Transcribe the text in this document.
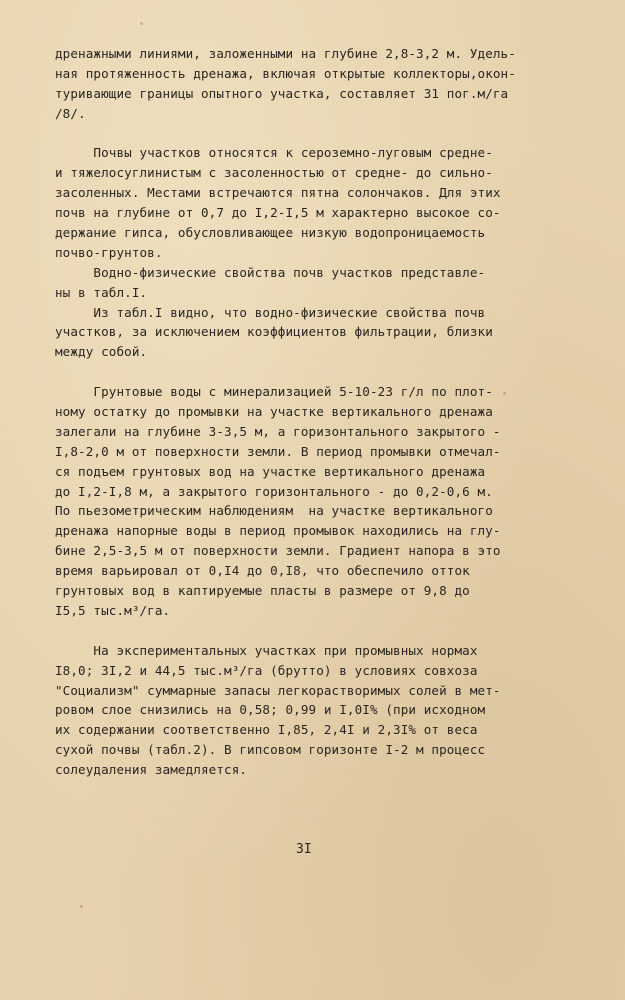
дренажными линиями, заложенными на глубине 2,8-3,2 м. Удель-
ная протяженность дренажа, включая открытые коллекторы,окон-
туривающие границы опытного участка, составляет 31 пог.м/га
/8/.
Почвы участков относятся к сероземно-луговым средне-
и тяжелосуглинистым с засоленностью от средне- до сильно-
засоленных. Местами встречаются пятна солончаков. Для этих
почв на глубине от 0,7 до I,2-I,5 м характерно высокое со-
держание гипса, обусловливающее низкую водопроницаемость
почво-грунтов.
Водно-физические свойства почв участков представле-
ны в табл.I.
Из табл.I видно, что водно-физические свойства почв
участков, за исключением коэффициентов фильтрации, близки
между собой.
Грунтовые воды с минерализацией 5-10-23 г/л по плот-
ному остатку до промывки на участке вертикального дренажа
залегали на глубине 3-3,5 м, а горизонтального закрытого -
I,8-2,0 м от поверхности земли. В период промывки отмечал-
ся подъем грунтовых вод на участке вертикального дренажа
до I,2-I,8 м, а закрытого горизонтального - до 0,2-0,6 м.
По пьезометрическим наблюдениям  на участке вертикального
дренажа напорные воды в период промывок находились на глу-
бине 2,5-3,5 м от поверхности земли. Градиент напора в это
время варьировал от 0,I4 до 0,I8, что обеспечило отток
грунтовых вод в каптируемые пласты в размере от 9,8 до
I5,5 тыс.м³/га.
На экспериментальных участках при промывных нормах
I8,0; 3I,2 и 44,5 тыс.м³/га (брутто) в условиях совхоза
"Социализм" суммарные запасы легкорастворимых солей в мет-
ровом слое снизились на 0,58; 0,99 и I,0I% (при исходном
их содержании соответственно I,85, 2,4I и 2,3I% от веса
сухой почвы (табл.2). В гипсовом горизонте I-2 м процесс
солеудаления замедляется.
3I
